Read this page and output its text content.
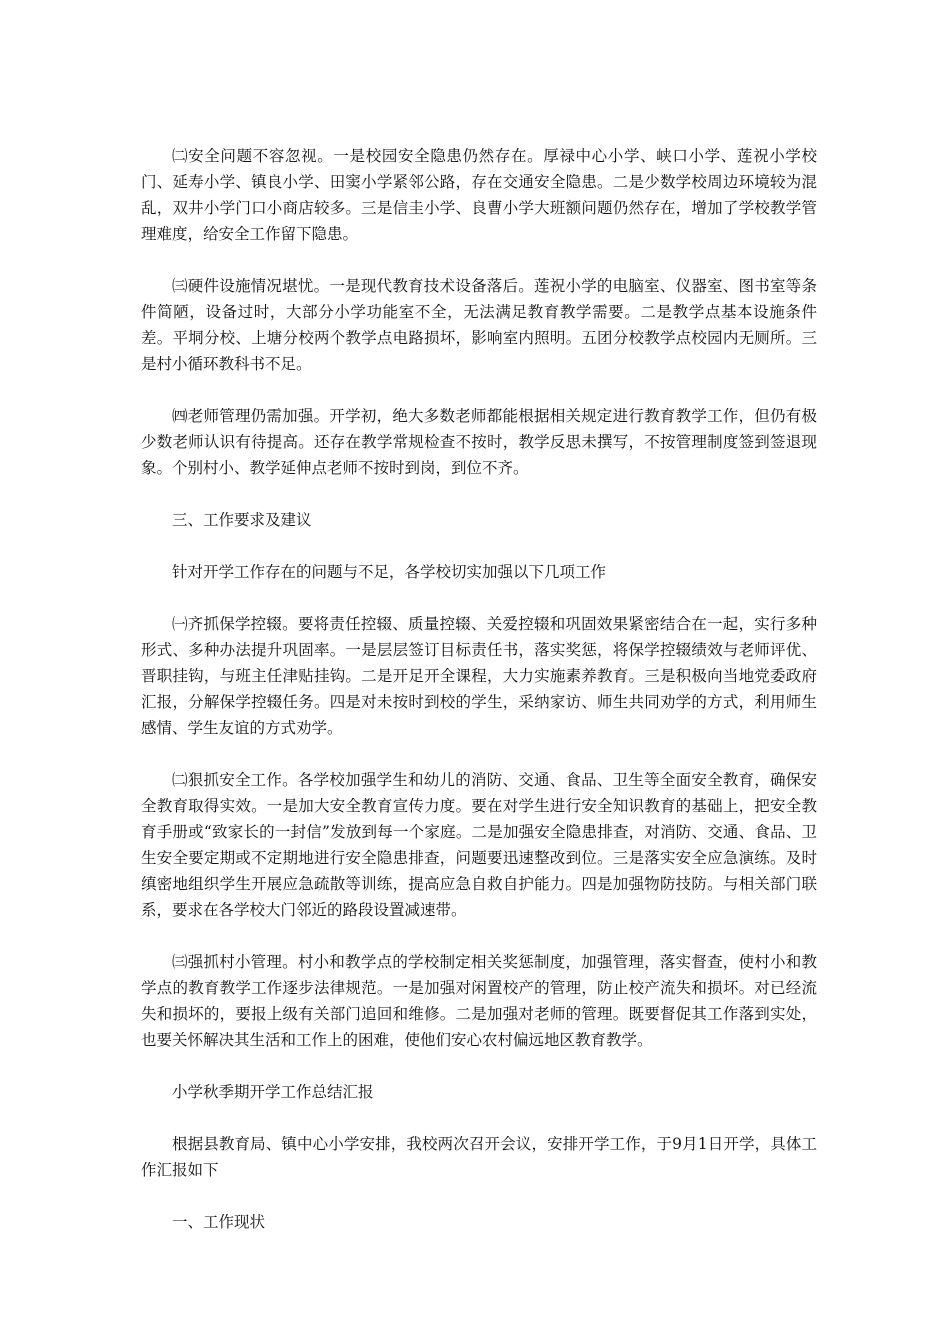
㈡安全问题不容忽视。一是校园安全隐患仍然存在。厚禄中心小学、峡口小学、莲祝小学校门、延寿小学、镇良小学、田窦小学紧邻公路，存在交通安全隐患。二是少数学校周边环境较为混乱，双井小学门口小商店较多。三是信圭小学、良曹小学大班额问题仍然存在，增加了学校教学管理难度，给安全工作留下隐患。

㈢硬件设施情况堪忧。一是现代教育技术设备落后。莲祝小学的电脑室、仪器室、图书室等条件简陋，设备过时，大部分小学功能室不全，无法满足教育教学需要。二是教学点基本设施条件差。平垌分校、上塘分校两个教学点电路损坏，影响室内照明。五团分校教学点校园内无厕所。三是村小循环教科书不足。

㈣老师管理仍需加强。开学初，绝大多数老师都能根据相关规定进行教育教学工作，但仍有极少数老师认识有待提高。还存在教学常规检查不按时，教学反思未撰写，不按管理制度签到签退现象。个别村小、教学延伸点老师不按时到岗，到位不齐。

三、工作要求及建议

针对开学工作存在的问题与不足，各学校切实加强以下几项工作

㈠齐抓保学控辍。要将责任控辍、质量控辍、关爱控辍和巩固效果紧密结合在一起，实行多种形式、多种办法提升巩固率。一是层层签订目标责任书，落实奖惩，将保学控辍绩效与老师评优、晋职挂钩，与班主任津贴挂钩。二是开足开全课程，大力实施素养教育。三是积极向当地党委政府汇报，分解保学控辍任务。四是对未按时到校的学生，采纳家访、师生共同劝学的方式，利用师生感情、学生友谊的方式劝学。

㈡狠抓安全工作。各学校加强学生和幼儿的消防、交通、食品、卫生等全面安全教育，确保安全教育取得实效。一是加大安全教育宣传力度。要在对学生进行安全知识教育的基础上，把安全教育手册或“致家长的一封信”发放到每一个家庭。二是加强安全隐患排查，对消防、交通、食品、卫生安全要定期或不定期地进行安全隐患排查，问题要迅速整改到位。三是落实安全应急演练。及时缜密地组织学生开展应急疏散等训练，提高应急自救自护能力。四是加强物防技防。与相关部门联系，要求在各学校大门邻近的路段设置减速带。

㈢强抓村小管理。村小和教学点的学校制定相关奖惩制度，加强管理，落实督查，使村小和教学点的教育教学工作逐步法律规范。一是加强对闲置校产的管理，防止校产流失和损坏。对已经流失和损坏的，要报上级有关部门追回和维修。二是加强对老师的管理。既要督促其工作落到实处，也要关怀解决其生活和工作上的困难，使他们安心农村偏远地区教育教学。

小学秋季期开学工作总结汇报

根据县教育局、镇中心小学安排，我校两次召开会议，安排开学工作，于9月1日开学，具体工作汇报如下

一、工作现状
